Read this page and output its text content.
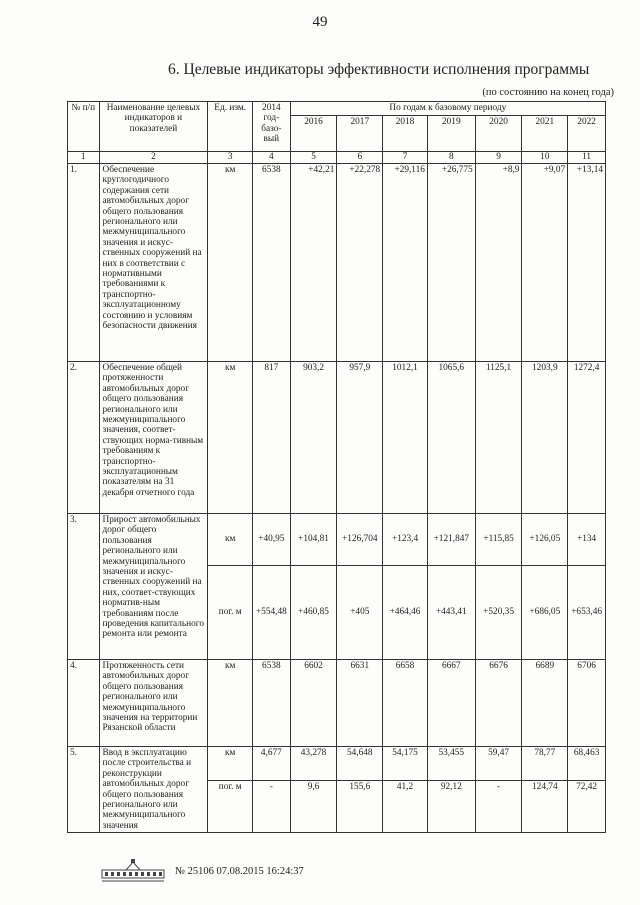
49
6. Целевые индикаторы эффективности исполнения программы
(по состоянию на конец года)
№ п/п	Наименование целевых индикаторов и показателей	Ед. изм.	2014 год-базо-вый	По годам к базовому периоду						
				2016	2017	2018	2019	2020	2021	2022
1	2	3	4	5	6	7	8	9	10	11
1.	Обеспечение круглогодичного содержания сети автомобильных дорог общего пользования регионального или межмуниципального значения и искус-ственных сооружений на них в соответствии с нормативными требованиями к транспортно-эксплуатационному состоянию и условиям безопасности движения	км	6538	+42,21	+22,278	+29,116	+26,775	+8,9	+9,07	+13,14
2.	Обеспечение общей протяженности автомобильных дорог общего пользования регионального или межмуниципального значения, соответ-ствующих норма-тивным требованиям к транспортно-эксплуатационным показателям на 31 декабря отчетного года	км	817	903,2	957,9	1012,1	1065,6	1125,1	1203,9	1272,4
3.	Прирост автомобильных дорог общего пользования регионального или межмуниципального значения и искус-ственных сооружений на них, соответ-ствующих норматив-ным требованиям после проведения капитального ремонта или ремонта	км	+40,95	+104,81	+126,704	+123,4	+121,847	+115,85	+126,05	+134
		пог. м	+554,48	+460,85	+405	+464,46	+443,41	+520,35	+686,05	+653,46
4.	Протяженность сети автомобильных дорог общего пользования регионального или межмуниципального значения на территории Рязанской области	км	6538	6602	6631	6658	6667	6676	6689	6706
5.	Ввод в эксплуатацию после строительства и реконструкции автомобильных дорог общего пользования регионального или межмуниципального значения	км	4,677	43,278	54,648	54,175	53,455	59,47	78,77	68,463
		пог. м	-	9,6	155,6	41,2	92,12	-	124,74	72,42
№ 25106 07.08.2015 16:24:37
